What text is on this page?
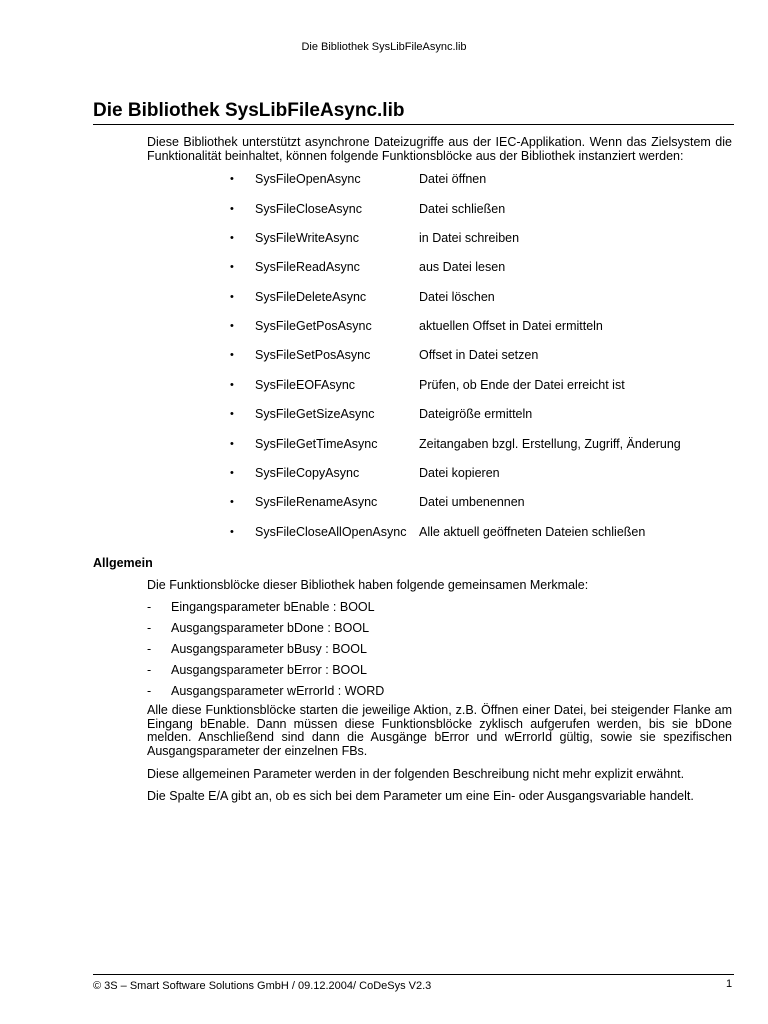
Die Bibliothek SysLibFileAsync.lib
Die Bibliothek SysLibFileAsync.lib

Diese Bibliothek unterstützt asynchrone Dateizugriffe aus der IEC-Applikation. Wenn das Zielsystem die Funktionalität beinhaltet, können folgende Funktionsblöcke aus der Bibliothek instanziert werden:

• SysFileOpenAsync	Datei öffnen
• SysFileCloseAsync	Datei schließen
• SysFileWriteAsync	in Datei schreiben
• SysFileReadAsync	aus Datei lesen
• SysFileDeleteAsync	Datei löschen
• SysFileGetPosAsync	aktuellen Offset in Datei ermitteln
• SysFileSetPosAsync	Offset in Datei setzen
• SysFileEOFAsync	Prüfen, ob Ende der Datei erreicht ist
• SysFileGetSizeAsync	Dateigröße ermitteln
• SysFileGetTimeAsync	Zeitangaben bzgl. Erstellung, Zugriff, Änderung
• SysFileCopyAsync	Datei kopieren
• SysFileRenameAsync	Datei umbenennen
• SysFileCloseAllOpenAsync Alle aktuell geöffneten Dateien schließen
Allgemein

Die Funktionsblöcke dieser Bibliothek haben folgende gemeinsamen Merkmale:

- Eingangsparameter bEnable : BOOL
- Ausgangsparameter bDone : BOOL
- Ausgangsparameter bBusy : BOOL
- Ausgangsparameter bError : BOOL
- Ausgangsparameter wErrorId : WORD

Alle diese Funktionsblöcke starten die jeweilige Aktion, z.B. Öffnen einer Datei, bei steigender Flanke am Eingang bEnable. Dann müssen diese Funktionsblöcke zyklisch aufgerufen werden, bis sie bDone melden. Anschließend sind dann die Ausgänge bError und wErrorId gültig, sowie sie spezifischen Ausgangsparameter der einzelnen FBs.

Diese allgemeinen Parameter werden in der folgenden Beschreibung nicht mehr explizit erwähnt.

Die Spalte E/A gibt an, ob es sich bei dem Parameter um eine Ein- oder Ausgangsvariable handelt.

© 3S – Smart Software Solutions GmbH / 09.12.2004/ CoDeSys V2.3	1
